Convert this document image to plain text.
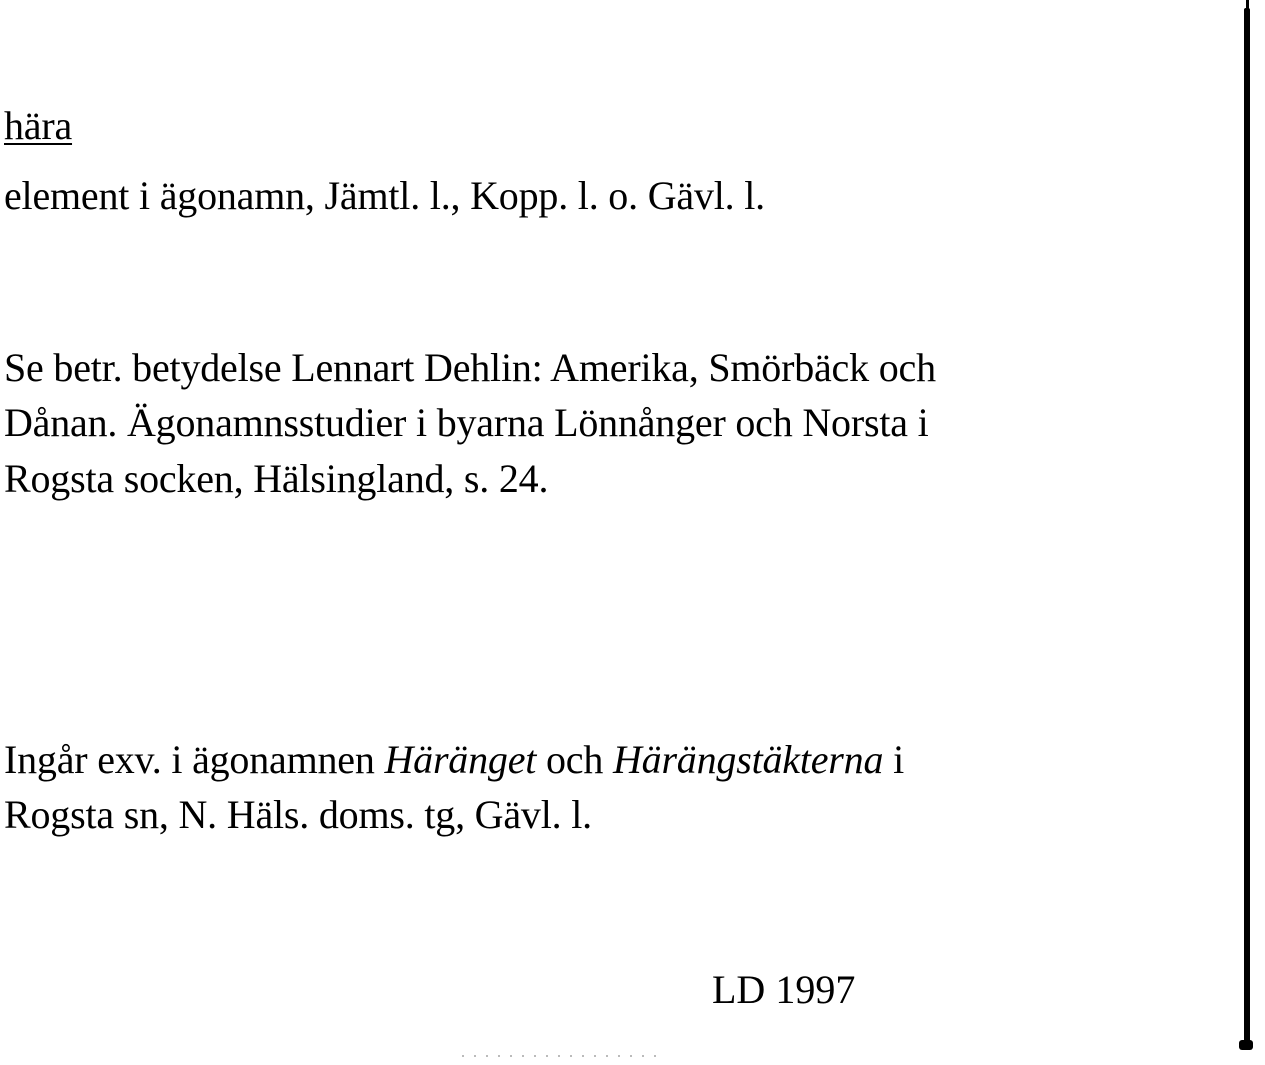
hära
element i ägonamn, Jämtl. l., Kopp. l. o. Gävl. l.
Se betr. betydelse Lennart Dehlin: Amerika, Smörbäck och
Dånan. Ägonamnsstudier i byarna Lönnånger och Norsta i
Rogsta socken, Hälsingland, s. 24.
Ingår exv. i ägonamnen Häränget och Härängstäkterna i
Rogsta sn, N. Häls. doms. tg, Gävl. l.
LD 1997
